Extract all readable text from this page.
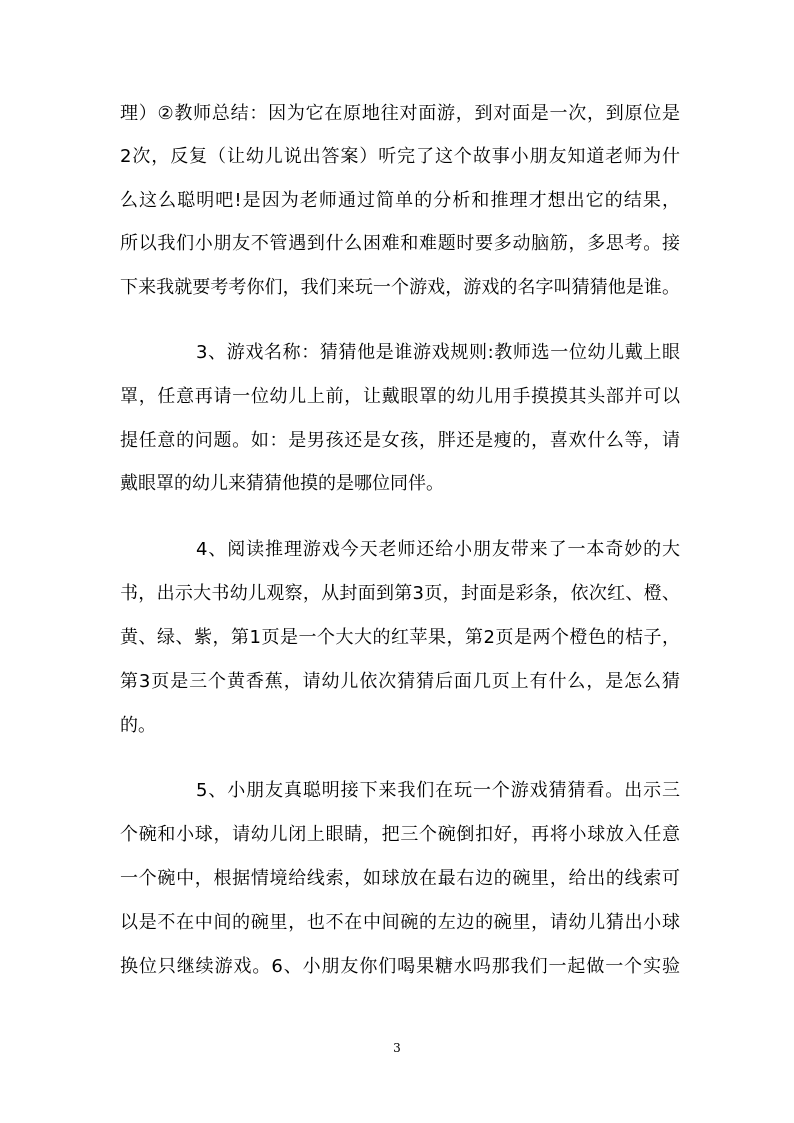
理）②教师总结：因为它在原地往对面游，到对面是一次，到原位是
2次，反复（让幼儿说出答案）听完了这个故事小朋友知道老师为什
么这么聪明吧!是因为老师通过简单的分析和推理才想出它的结果，
所以我们小朋友不管遇到什么困难和难题时要多动脑筋，多思考。接
下来我就要考考你们，我们来玩一个游戏，游戏的名字叫猜猜他是谁。
3、游戏名称：猜猜他是谁游戏规则:教师选一位幼儿戴上眼
罩，任意再请一位幼儿上前，让戴眼罩的幼儿用手摸摸其头部并可以
提任意的问题。如：是男孩还是女孩，胖还是瘦的，喜欢什么等，请
戴眼罩的幼儿来猜猜他摸的是哪位同伴。
4、阅读推理游戏今天老师还给小朋友带来了一本奇妙的大
书，出示大书幼儿观察，从封面到第3页，封面是彩条，依次红、橙、
黄、绿、紫，第1页是一个大大的红苹果，第2页是两个橙色的桔子，
第3页是三个黄香蕉，请幼儿依次猜猜后面几页上有什么，是怎么猜
的。
5、小朋友真聪明接下来我们在玩一个游戏猜猜看。出示三
个碗和小球，请幼儿闭上眼睛，把三个碗倒扣好，再将小球放入任意
一个碗中，根据情境给线索，如球放在最右边的碗里，给出的线索可
以是不在中间的碗里，也不在中间碗的左边的碗里，请幼儿猜出小球
换位只继续游戏。6、小朋友你们喝果糖水吗那我们一起做一个实验
3
